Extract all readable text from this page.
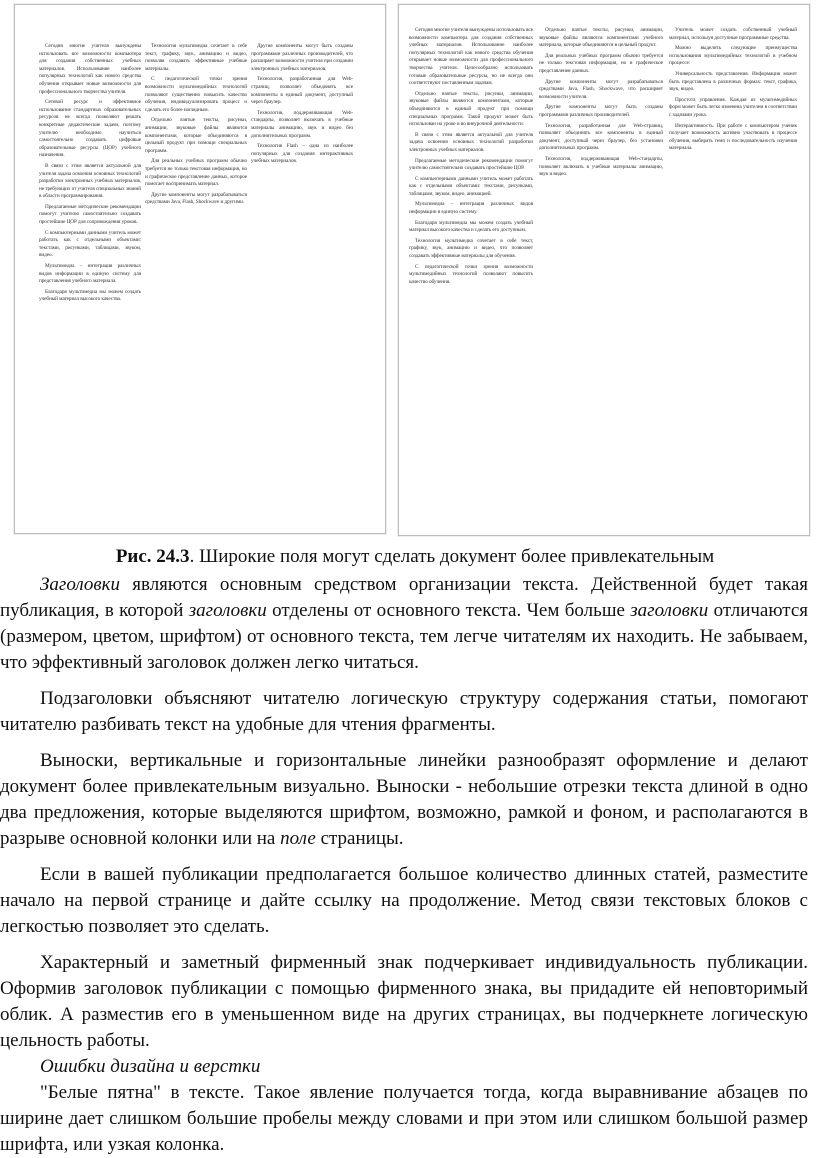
Сегодня многие учителя вынуждены использовать все возможности компьютера для создания собственных учебных материалов. Использование наиболее популярных технологий как нового средства обучения открывает новые возможности для профессионального творчества учителя.

Сетевой ресурс и эффективное использование стандартных образовательных ресурсов не всегда позволяют решать конкретные дидактические задачи, поэтому учителю необходимо научиться самостоятельно создавать цифровые образовательные ресурсы (ЦОР) учебного назначения.

В связи с этим является актуальной для учителя задача освоения основных технологий разработки электронных учебных материалов, не требующих от учителя специальных знаний в области программирования.

Предлагаемые методические рекомендации помогут учителю самостоятельно создавать простейшие ЦОР для сопровождения уроков.

С компьютерными данными учитель может работать как с отдельными объектами: текстами, рисунками, таблицами, звуком, видео.

Мультимедиа – интеграция различных видов информации в единую систему для представления учебного материала.

Благодаря мультимедиа мы можем создать учебный материал высокого качества.

Технология мультимедиа сочетает в себе текст, графику, звук, анимацию и видео, позволяя создавать эффективные учебные материалы.

С педагогической точки зрения возможности мультимедийных технологий позволяют существенно повысить качество обучения, индивидуализировать процесс и сделать его более наглядным.

Отдельно взятые тексты, рисунки, анимации, звуковые файлы являются компонентами, которые объединяются в цельный продукт при помощи специальных программ.

Для реальных учебных программ обычно требуется не только текстовая информация, но и графическое представление данных, которое помогает воспринимать материал.

Другие компоненты могут разрабатываться средствами Java, Flash, Shockwave и другими.

Другие компоненты могут быть созданы программами различных производителей, что расширяет возможности учителя при создании электронных учебных материалов.

Технология, разработанная для Web-страниц, позволяет объединять все компоненты в единый документ, доступный через браузер.

Технология, поддерживающая Web-стандарты, позволяет включать в учебные материалы анимацию, звук и видео без дополнительных программ.

Технология Flash – одна из наиболее популярных для создания интерактивных учебных материалов.

Сегодня многие учителя вынуждены использовать все возможности компьютера для создания собственных учебных материалов. Использование наиболее популярных технологий как нового средства обучения открывает новые возможности для профессионального творчества учителя. Целесообразно использовать готовые образовательные ресурсы, но не всегда они соответствуют поставленным задачам.

Отдельно взятые тексты, рисунки, анимации, звуковые файлы являются компонентами, которые объединяются в единый продукт при помощи специальных программ. Такой продукт может быть использован на уроке и во внеурочной деятельности.

В связи с этим является актуальной для учителя задача освоения основных технологий разработки электронных учебных материалов.

Предлагаемые методические рекомендации помогут учителю самостоятельно создавать простейшие ЦОР.

С компьютерными данными учитель может работать как с отдельными объектами: текстами, рисунками, таблицами, звуком, видео, анимацией.

Мультимедиа – интеграция различных видов информации в единую систему.

Благодаря мультимедиа мы можем создать учебный материал высокого качества и сделать его доступным.

Технология мультимедиа сочетает в себе текст, графику, звук, анимацию и видео, что позволяет создавать эффективные материалы для обучения.

С педагогической точки зрения возможности мультимедийных технологий позволяют повысить качество обучения.

Отдельно взятые тексты, рисунки, анимации, звуковые файлы являются компонентами учебного материала, которые объединяются в цельный продукт.

Для реальных учебных программ обычно требуется не только текстовая информация, но и графическое представление данных.

Другие компоненты могут разрабатываться средствами Java, Flash, Shockwave, что расширяет возможности учителя.

Другие компоненты могут быть созданы программами различных производителей.

Технология, разработанная для Web-страниц, позволяет объединять все компоненты в единый документ, доступный через браузер, без установки дополнительных программ.

Технология, поддерживающая Web-стандарты, позволяет включать в учебные материалы анимацию, звук и видео.

Учитель может создать собственный учебный материал, используя доступные программные средства.

Можно выделить следующие преимущества использования мультимедийных технологий в учебном процессе:

Универсальность представления. Информация может быть представлена в различных формах: текст, графика, звук, видео.

Простота управления. Каждая из мультимедийных форм может быть легко изменена учителем в соответствии с задачами урока.

Интерактивность. При работе с компьютером ученик получает возможность активно участвовать в процессе обучения, выбирать темп и последовательность изучения материала.

Рис. 24.3. Широкие поля могут сделать документ более привлекательным

Заголовки являются основным средством организации текста. Действенной будет такая публикация, в которой заголовки отделены от основного текста. Чем больше заголовки отличаются (размером, цветом, шрифтом) от основного текста, тем легче читателям их находить. Не забываем, что эффективный заголовок должен легко читаться.

Подзаголовки объясняют читателю логическую структуру содержания статьи, помогают читателю разбивать текст на удобные для чтения фрагменты.

Выноски, вертикальные и горизонтальные линейки разнообразят оформление и делают документ более привлекательным визуально. Выноски - небольшие отрезки текста длиной в одно два предложения, которые выделяются шрифтом, возможно, рамкой и фоном, и располагаются в разрыве основной колонки или на поле страницы.

Если в вашей публикации предполагается большое количество длинных статей, разместите начало на первой странице и дайте ссылку на продолжение. Метод связи текстовых блоков с легкостью позволяет это сделать.

Характерный и заметный фирменный знак подчеркивает индивидуальность публикации. Оформив заголовок публикации с помощью фирменного знака, вы придадите ей неповторимый облик. А разместив его в уменьшенном виде на других страницах, вы подчеркнете логическую цельность работы.

Ошибки дизайна и верстки

"Белые пятна" в тексте. Такое явление получается тогда, когда выравнивание абзацев по ширине дает слишком большие пробелы между словами и при этом или слишком большой размер шрифта, или узкая колонка.
